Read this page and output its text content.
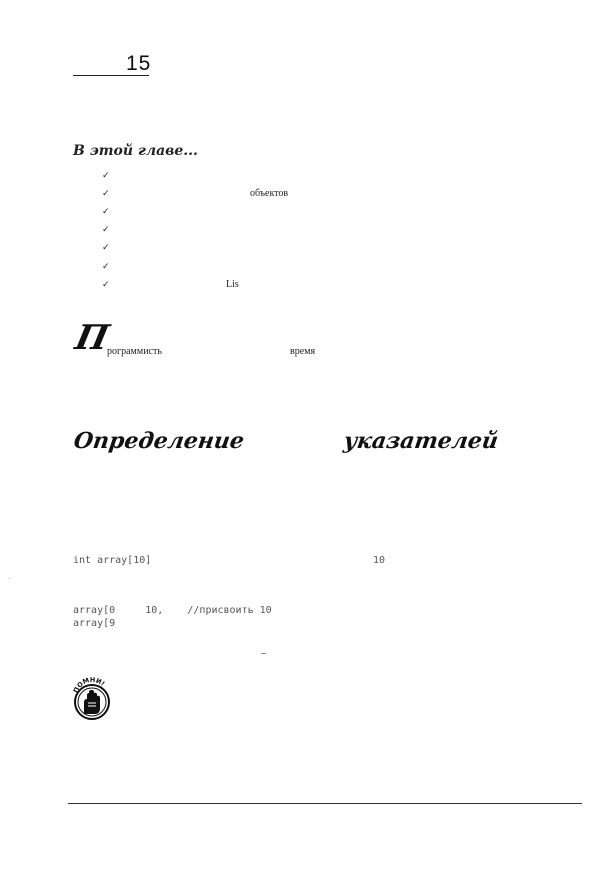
15
В этой главе...
✓
✓	объектов
✓
✓
✓
✓
✓	Lis
П
рограммисть	время
Определение	указателей
.
int array[10]	10
array[0     10,    //присвоить 10
array[9
–
ПОМНИ!
